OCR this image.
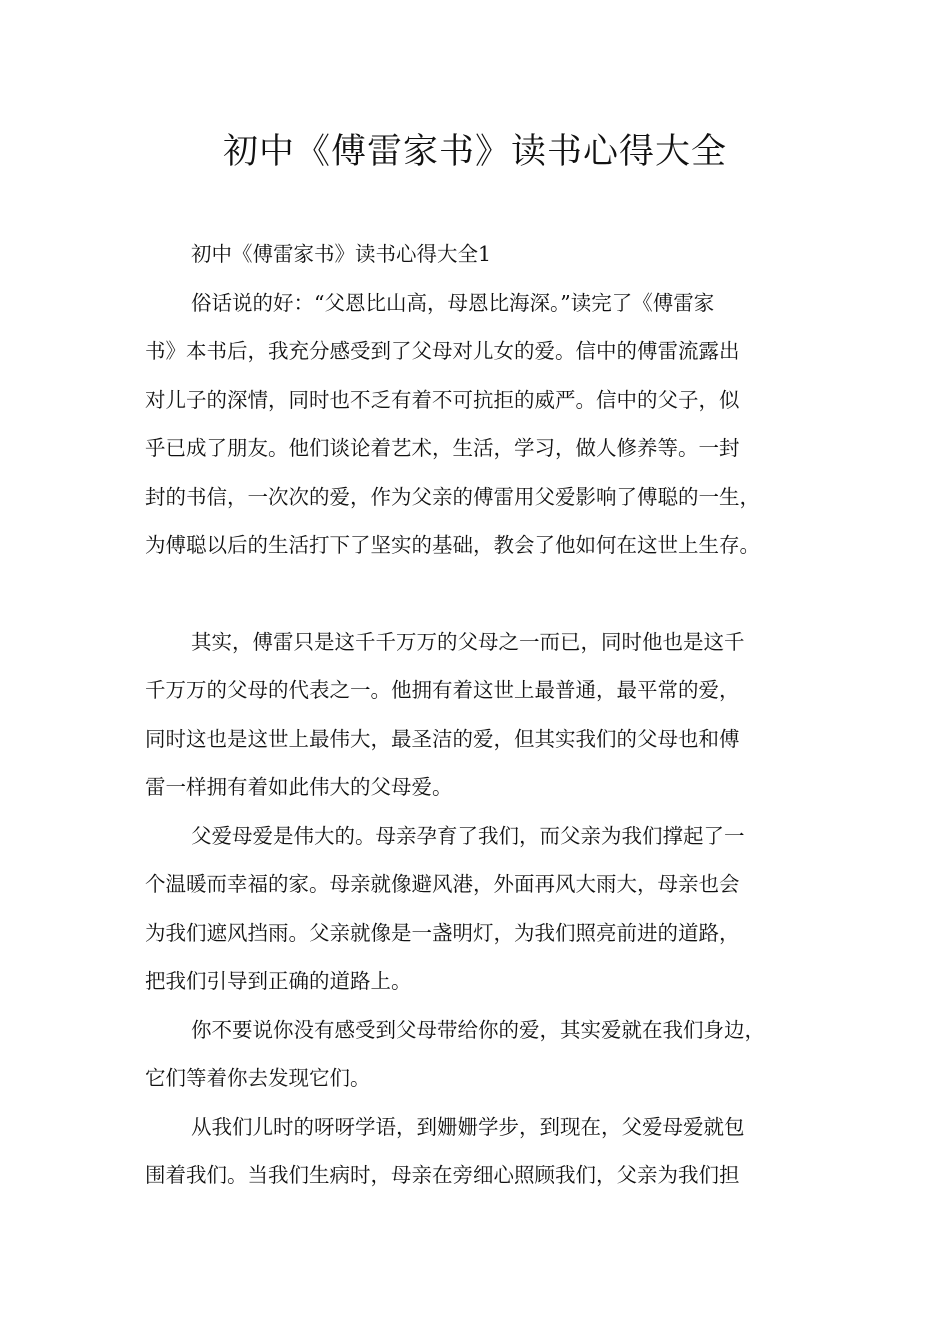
初中《傅雷家书》读书心得大全
初中《傅雷家书》读书心得大全1
俗话说的好：“父恩比山高，母恩比海深。”读完了《傅雷家
书》本书后，我充分感受到了父母对儿女的爱。信中的傅雷流露出
对儿子的深情，同时也不乏有着不可抗拒的威严。信中的父子，似
乎已成了朋友。他们谈论着艺术，生活，学习，做人修养等。一封
封的书信，一次次的爱，作为父亲的傅雷用父爱影响了傅聪的一生，
为傅聪以后的生活打下了坚实的基础，教会了他如何在这世上生存。
其实，傅雷只是这千千万万的父母之一而已，同时他也是这千
千万万的父母的代表之一。他拥有着这世上最普通，最平常的爱，
同时这也是这世上最伟大，最圣洁的爱，但其实我们的父母也和傅
雷一样拥有着如此伟大的父母爱。
父爱母爱是伟大的。母亲孕育了我们，而父亲为我们撑起了一
个温暖而幸福的家。母亲就像避风港，外面再风大雨大，母亲也会
为我们遮风挡雨。父亲就像是一盏明灯，为我们照亮前进的道路，
把我们引导到正确的道路上。
你不要说你没有感受到父母带给你的爱，其实爱就在我们身边，
它们等着你去发现它们。
从我们儿时的呀呀学语，到姗姗学步，到现在，父爱母爱就包
围着我们。当我们生病时，母亲在旁细心照顾我们，父亲为我们担
